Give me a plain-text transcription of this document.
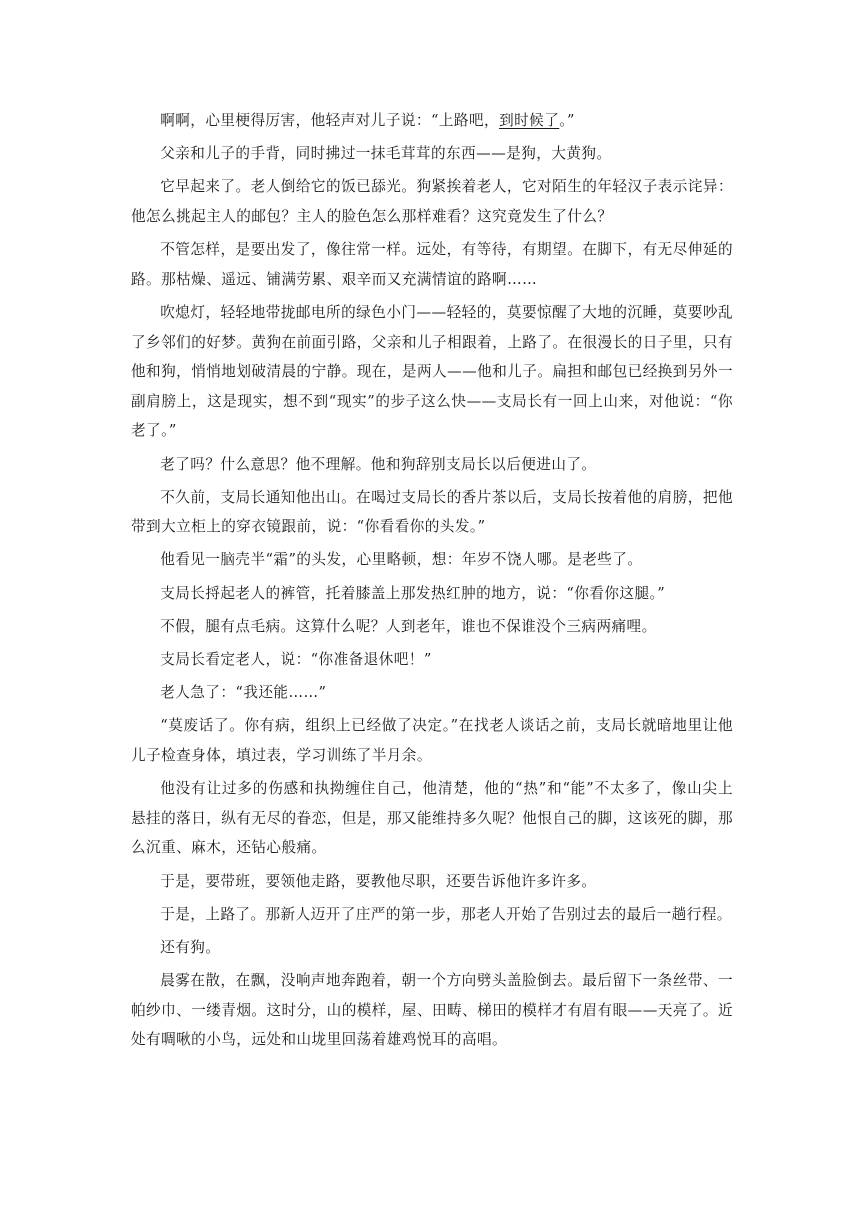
啊啊，心里梗得厉害，他轻声对儿子说：“上路吧，到时候了。”

父亲和儿子的手背，同时拂过一抹毛茸茸的东西——是狗，大黄狗。

它早起来了。老人倒给它的饭已舔光。狗紧挨着老人，它对陌生的年轻汉子表示诧异：他怎么挑起主人的邮包？主人的脸色怎么那样难看？这究竟发生了什么？

不管怎样，是要出发了，像往常一样。远处，有等待，有期望。在脚下，有无尽伸延的路。那枯燥、遥远、铺满劳累、艰辛而又充满情谊的路啊……

吹熄灯，轻轻地带拢邮电所的绿色小门——轻轻的，莫要惊醒了大地的沉睡，莫要吵乱了乡邻们的好梦。黄狗在前面引路，父亲和儿子相跟着，上路了。在很漫长的日子里，只有他和狗，悄悄地划破清晨的宁静。现在，是两人——他和儿子。扁担和邮包已经换到另外一副肩膀上，这是现实，想不到“现实”的步子这么快——支局长有一回上山来，对他说：“你老了。”

老了吗？什么意思？他不理解。他和狗辞别支局长以后便进山了。

不久前，支局长通知他出山。在喝过支局长的香片茶以后，支局长按着他的肩膀，把他带到大立柜上的穿衣镜跟前，说：“你看看你的头发。”

他看见一脑壳半“霜”的头发，心里略顿，想：年岁不饶人哪。是老些了。

支局长捋起老人的裤管，托着膝盖上那发热红肿的地方，说：“你看你这腿。”

不假，腿有点毛病。这算什么呢？人到老年，谁也不保谁没个三病两痛哩。

支局长看定老人，说：“你准备退休吧！”

老人急了：“我还能……”

“莫废话了。你有病，组织上已经做了决定。”在找老人谈话之前，支局长就暗地里让他儿子检查身体，填过表，学习训练了半月余。

他没有让过多的伤感和执拗缠住自己，他清楚，他的“热”和“能”不太多了，像山尖上悬挂的落日，纵有无尽的眷恋，但是，那又能维持多久呢？他恨自己的脚，这该死的脚，那么沉重、麻木，还钻心般痛。

于是，要带班，要领他走路，要教他尽职，还要告诉他许多许多。

于是，上路了。那新人迈开了庄严的第一步，那老人开始了告别过去的最后一趟行程。

还有狗。

晨雾在散，在飘，没响声地奔跑着，朝一个方向劈头盖脸倒去。最后留下一条丝带、一帕纱巾、一缕青烟。这时分，山的模样，屋、田畴、梯田的模样才有眉有眼——天亮了。近处有啁啾的小鸟，远处和山垅里回荡着雄鸡悦耳的高唱。
